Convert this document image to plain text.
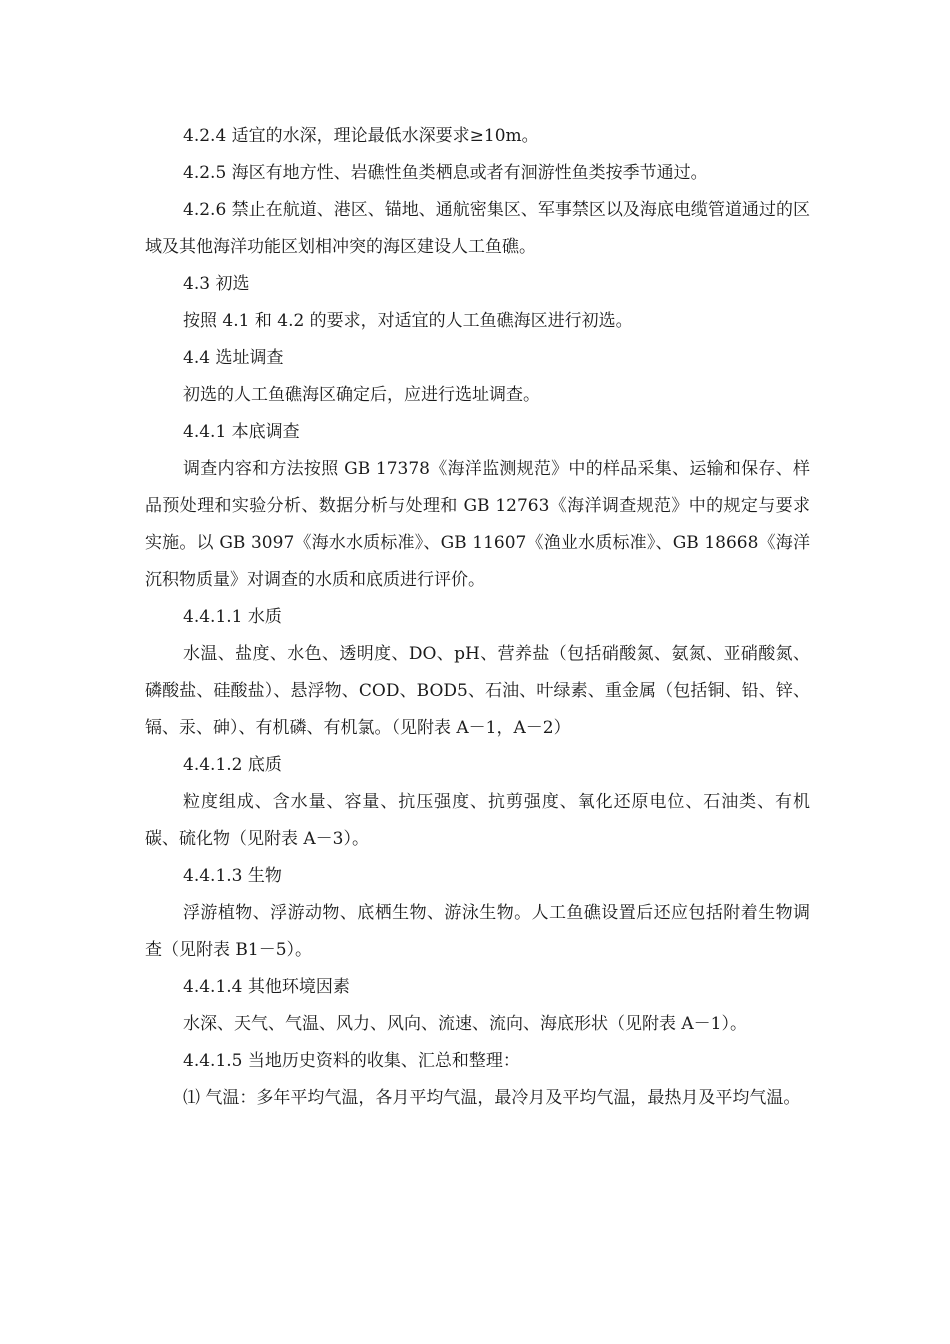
4.2.4 适宜的水深，理论最低水深要求≥10m。

4.2.5 海区有地方性、岩礁性鱼类栖息或者有洄游性鱼类按季节通过。

4.2.6 禁止在航道、港区、锚地、通航密集区、军事禁区以及海底电缆管道通过的区域及其他海洋功能区划相冲突的海区建设人工鱼礁。

4.3 初选

按照 4.1 和 4.2 的要求，对适宜的人工鱼礁海区进行初选。

4.4 选址调查

初选的人工鱼礁海区确定后，应进行选址调查。

4.4.1 本底调查

调查内容和方法按照 GB 17378《海洋监测规范》中的样品采集、运输和保存、样品预处理和实验分析、数据分析与处理和 GB 12763《海洋调查规范》中的规定与要求实施。以 GB 3097《海水水质标准》、GB 11607《渔业水质标准》、GB 18668《海洋沉积物质量》对调查的水质和底质进行评价。

4.4.1.1 水质

水温、盐度、水色、透明度、DO、pH、营养盐（包括硝酸氮、氨氮、亚硝酸氮、磷酸盐、硅酸盐）、悬浮物、COD、BOD5、石油、叶绿素、重金属（包括铜、铅、锌、镉、汞、砷）、有机磷、有机氯。（见附表 A－1，A－2）

4.4.1.2 底质

粒度组成、含水量、容量、抗压强度、抗剪强度、氧化还原电位、石油类、有机碳、硫化物（见附表 A－3）。

4.4.1.3 生物

浮游植物、浮游动物、底栖生物、游泳生物。人工鱼礁设置后还应包括附着生物调查（见附表 B1－5）。

4.4.1.4 其他环境因素

水深、天气、气温、风力、风向、流速、流向、海底形状（见附表 A－1）。

4.4.1.5 当地历史资料的收集、汇总和整理：

⑴ 气温：多年平均气温，各月平均气温，最冷月及平均气温，最热月及平均气温。
